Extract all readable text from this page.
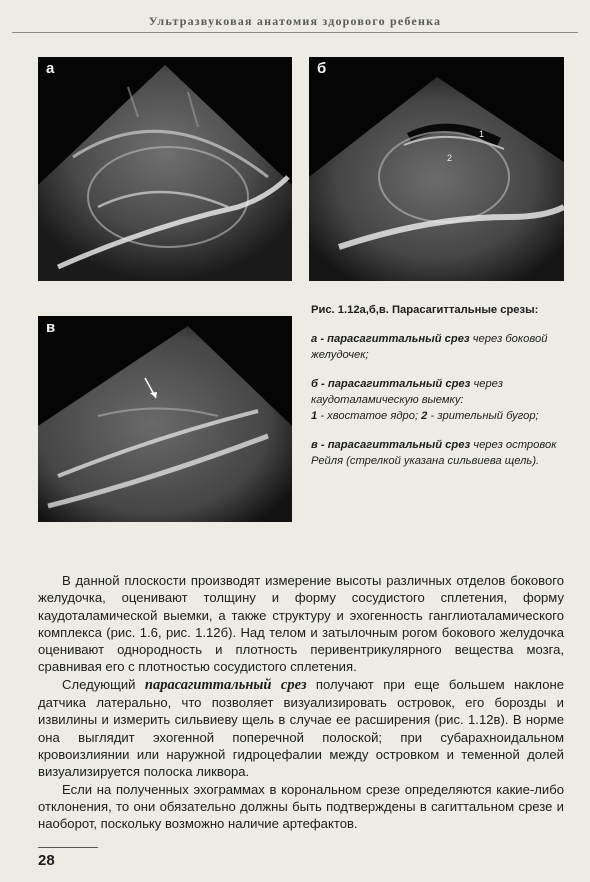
Ультразвуковая анатомия здорового ребенка
а
1
2
б
в
Рис. 1.12а,б,в. Парасагиттальные срезы:

а - парасагиттальный срез через боковой желудочек;

б - парасагиттальный срез через каудоталамическую выемку:

1 - хвостатое ядро; 2 - зрительный бугор;

в - парасагиттальный срез через островок Рейля (стрелкой указана сильвиева щель).

В данной плоскости производят измерение высоты различных отделов бокового желудочка, оценивают толщину и форму сосудистого сплетения, форму каудоталамической выемки, а также структуру и эхогенность ганглиоталамического комплекса (рис. 1.6, рис. 1.12б). Над телом и затылочным рогом бокового желудочка оценивают однородность и плотность перивентрикулярного вещества мозга, сравнивая его с плотностью сосудистого сплетения.

Следующий парасагиттальный срез получают при еще большем наклоне датчика латерально, что позволяет визуализировать островок, его борозды и извилины и измерить сильвиеву щель в случае ее расширения (рис. 1.12в). В норме она выглядит эхогенной поперечной полоской; при субарахноидальном кровоизлиянии или наружной гидроцефалии между островком и теменной долей визуализируется полоска ликвора.

Если на полученных эхограммах в корональном срезе определяются какие-либо отклонения, то они обязательно должны быть подтверждены в сагиттальном срезе и наоборот, поскольку возможно наличие артефактов.

28
